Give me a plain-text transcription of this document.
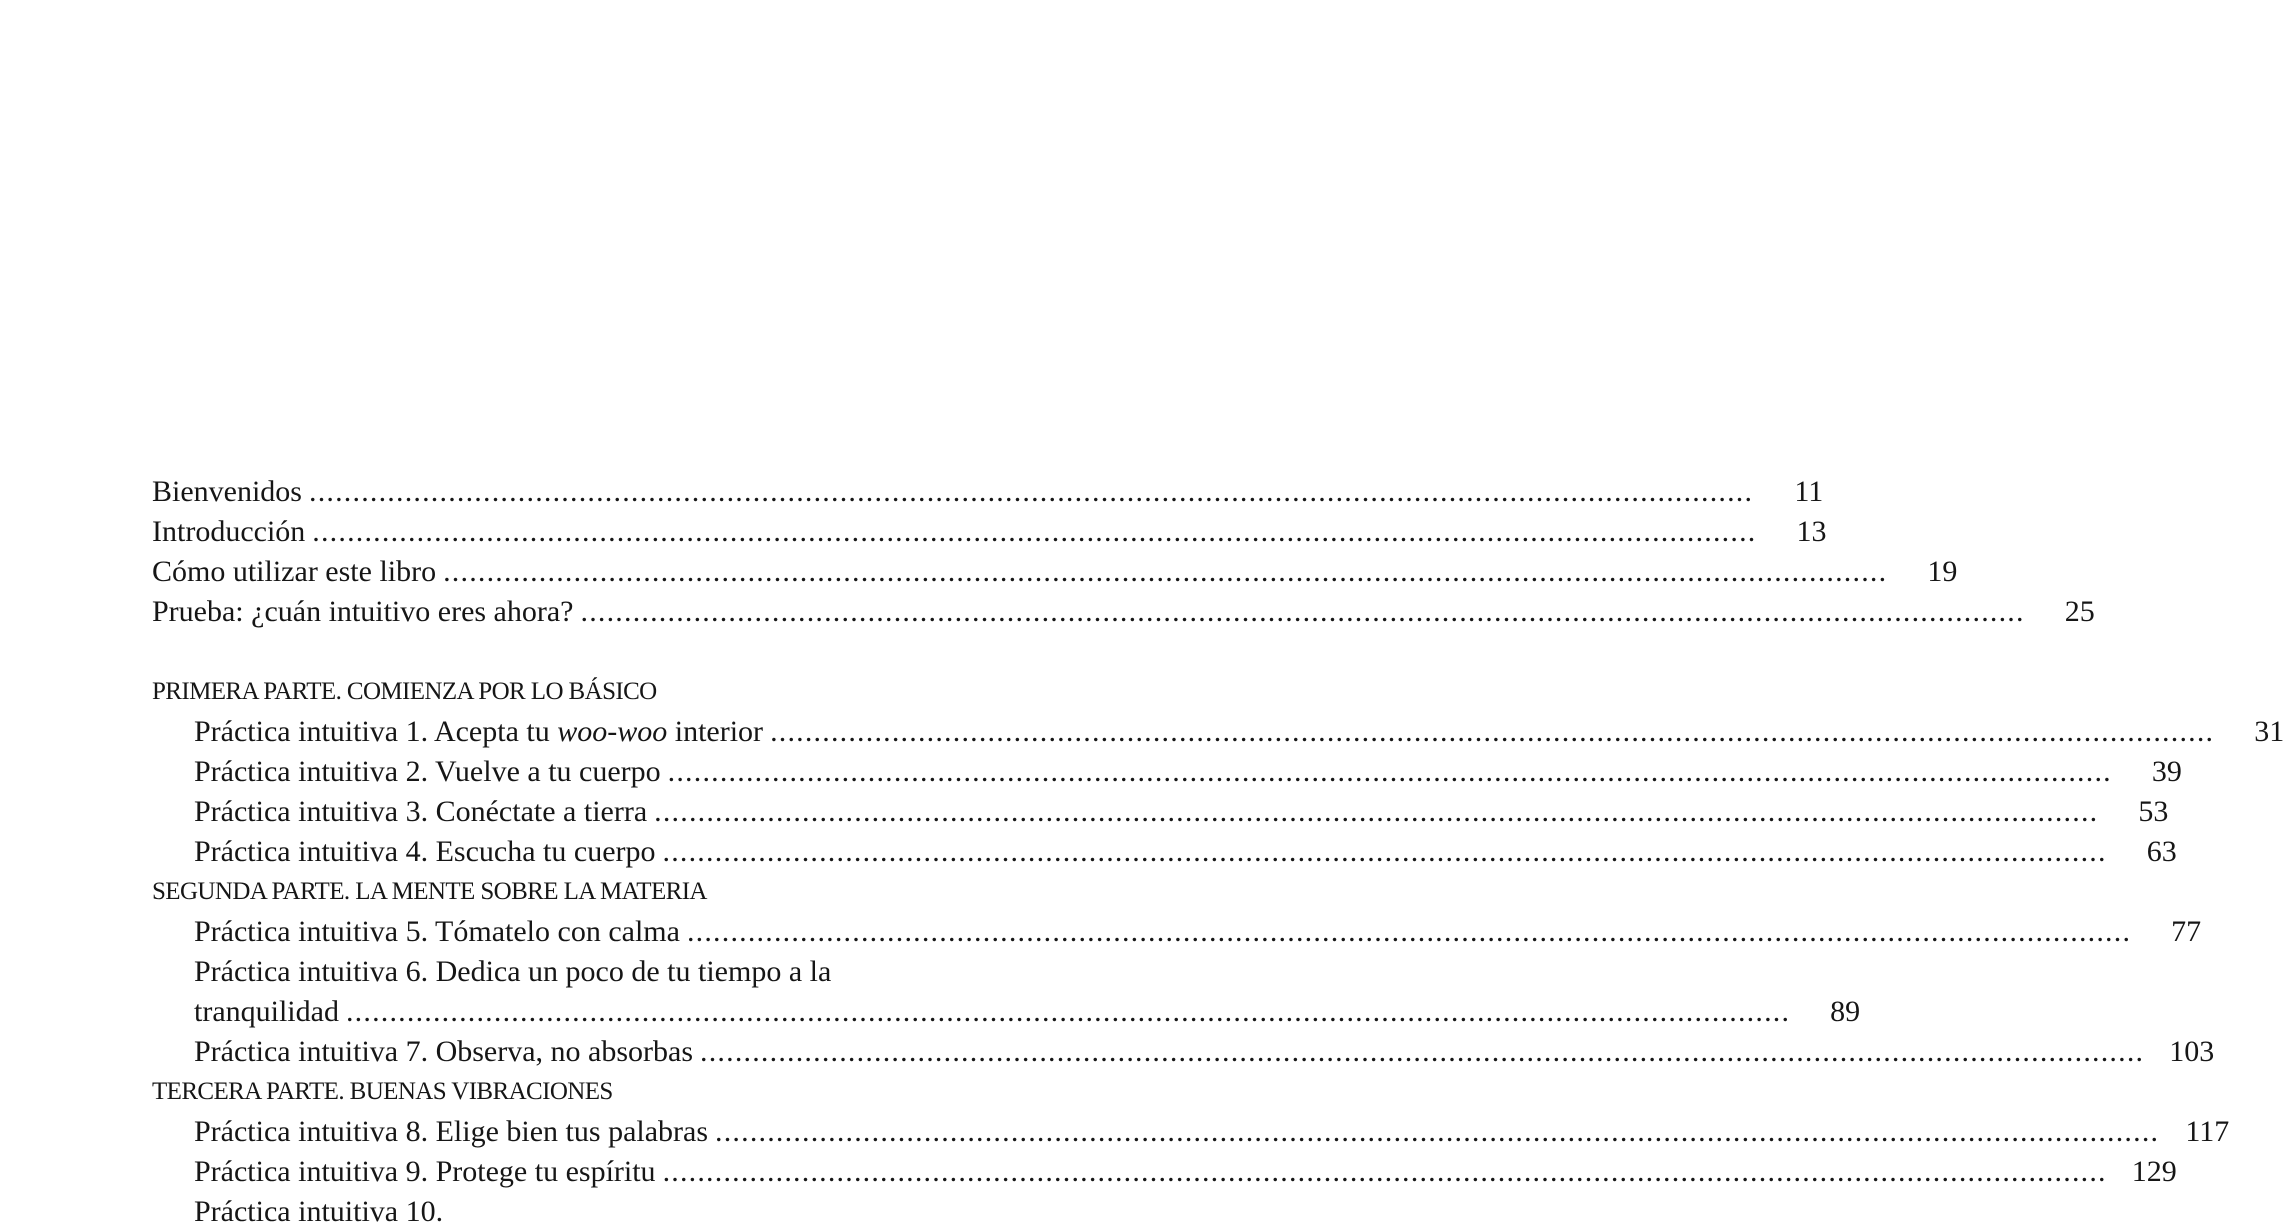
Bienvenidos .....	11
Introducción .....	13
Cómo utilizar este libro .....	19
Prueba: ¿cuán intuitivo eres ahora? .....	25
PRIMERA PARTE. COMIENZA POR LO BÁSICO
Práctica intuitiva 1. Acepta tu woo-woo interior .....	31
Práctica intuitiva 2. Vuelve a tu cuerpo .....	39
Práctica intuitiva 3. Conéctate a tierra .....	53
Práctica intuitiva 4. Escucha tu cuerpo .....	63
SEGUNDA PARTE. LA MENTE SOBRE LA MATERIA
Práctica intuitiva 5. Tómatelo con calma .....	77
Práctica intuitiva 6. Dedica un poco de tu tiempo a la
tranquilidad .....	89
Práctica intuitiva 7. Observa, no absorbas .....	103
TERCERA PARTE. BUENAS VIBRACIONES
Práctica intuitiva 8. Elige bien tus palabras .....	117
Práctica intuitiva 9. Protege tu espíritu .....	129
Práctica intuitiva 10.
